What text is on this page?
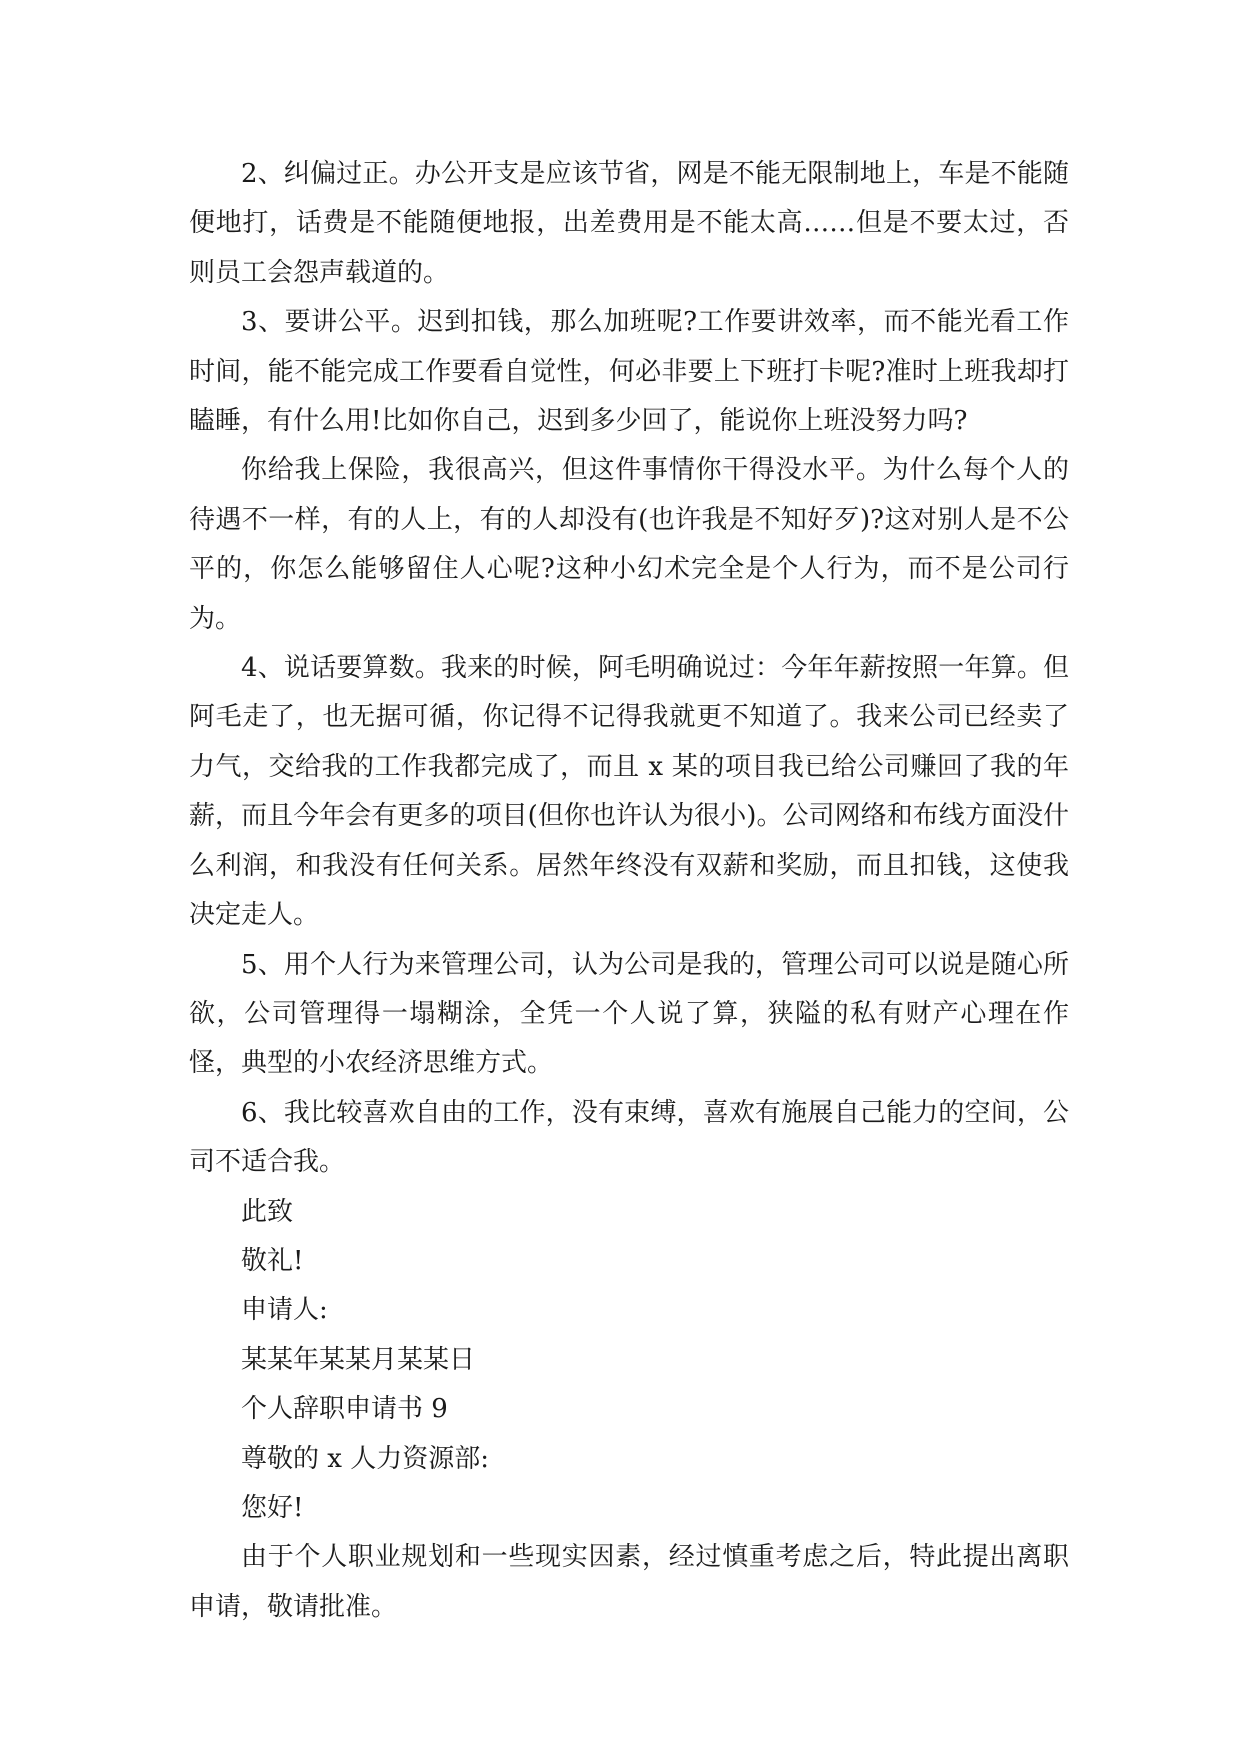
2、纠偏过正。办公开支是应该节省，网是不能无限制地上，车是不能随便地打，话费是不能随便地报，出差费用是不能太高……但是不要太过，否则员工会怨声载道的。

3、要讲公平。迟到扣钱，那么加班呢?工作要讲效率，而不能光看工作时间，能不能完成工作要看自觉性，何必非要上下班打卡呢?准时上班我却打瞌睡，有什么用!比如你自己，迟到多少回了，能说你上班没努力吗?

你给我上保险，我很高兴，但这件事情你干得没水平。为什么每个人的待遇不一样，有的人上，有的人却没有(也许我是不知好歹)?这对别人是不公平的，你怎么能够留住人心呢?这种小幻术完全是个人行为，而不是公司行为。

4、说话要算数。我来的时候，阿毛明确说过：今年年薪按照一年算。但阿毛走了，也无据可循，你记得不记得我就更不知道了。我来公司已经卖了力气，交给我的工作我都完成了，而且 x 某的项目我已给公司赚回了我的年薪，而且今年会有更多的项目(但你也许认为很小)。公司网络和布线方面没什么利润，和我没有任何关系。居然年终没有双薪和奖励，而且扣钱，这使我决定走人。

5、用个人行为来管理公司，认为公司是我的，管理公司可以说是随心所欲，公司管理得一塌糊涂，全凭一个人说了算，狭隘的私有财产心理在作怪，典型的小农经济思维方式。

6、我比较喜欢自由的工作，没有束缚，喜欢有施展自己能力的空间，公司不适合我。

此致

敬礼!

申请人:

某某年某某月某某日

个人辞职申请书 9

尊敬的 x 人力资源部:

您好!

由于个人职业规划和一些现实因素，经过慎重考虑之后，特此提出离职申请，敬请批准。
